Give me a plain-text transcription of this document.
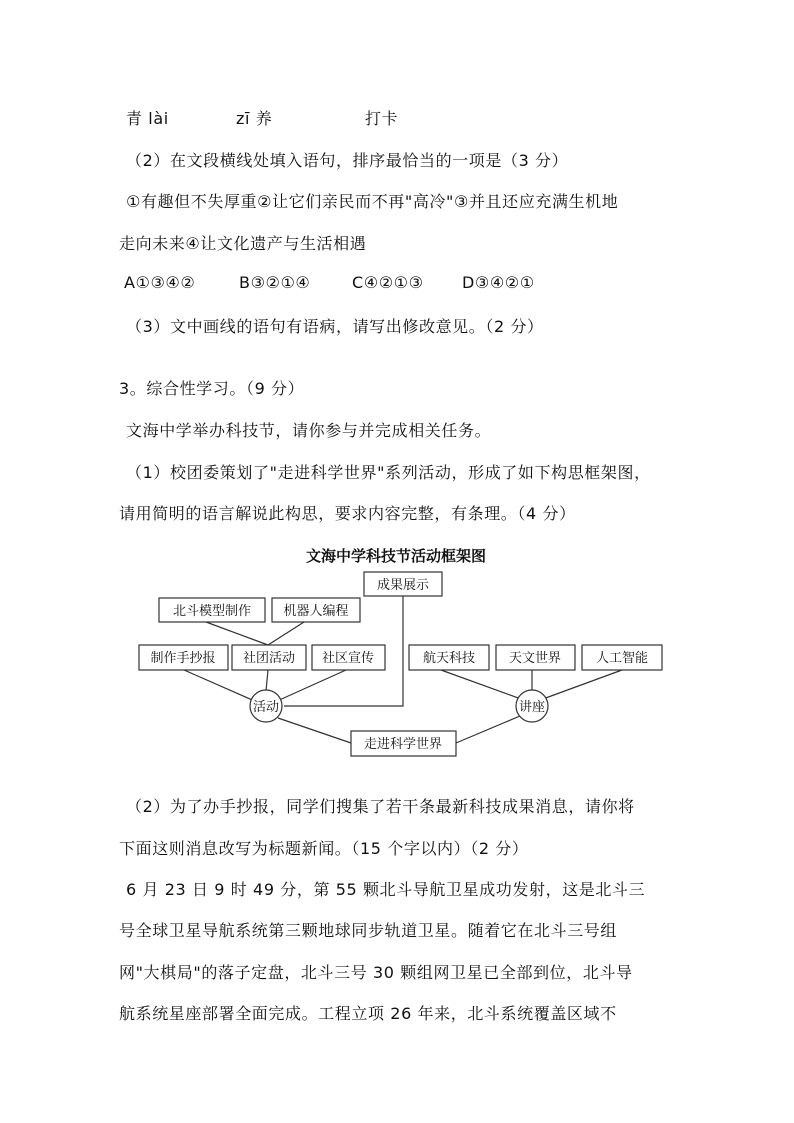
青 lài	zī 养	打卡
（2）在文段横线处填入语句，排序最恰当的一项是（3 分）
①有趣但不失厚重②让它们亲民而不再"高冷"③并且还应充满生机地
走向未来④让文化遗产与生活相遇
A①③④②	B③②①④	C④②①③ D③④②①
（3）文中画线的语句有语病，请写出修改意见。（2 分）
3。综合性学习。（9 分）
文海中学举办科技节，请你参与并完成相关任务。
（1）校团委策划了"走进科学世界"系列活动，形成了如下构思框架图，
请用简明的语言解说此构思，要求内容完整，有条理。（4 分）
文海中学科技节活动框架图
成果展示
北斗模型制作 机器人编程
制作手抄报 社团活动 社区宣传	航天科技	天文世界	人工智能
活动	讲座
走进科学世界
（2）为了办手抄报，同学们搜集了若干条最新科技成果消息，请你将
下面这则消息改写为标题新闻。（15 个字以内）（2 分）
6 月 23 日 9 时 49 分，第 55 颗北斗导航卫星成功发射，这是北斗三
号全球卫星导航系统第三颗地球同步轨道卫星。随着它在北斗三号组
网"大棋局"的落子定盘，北斗三号 30 颗组网卫星已全部到位，北斗导
航系统星座部署全面完成。工程立项 26 年来，北斗系统覆盖区域不
